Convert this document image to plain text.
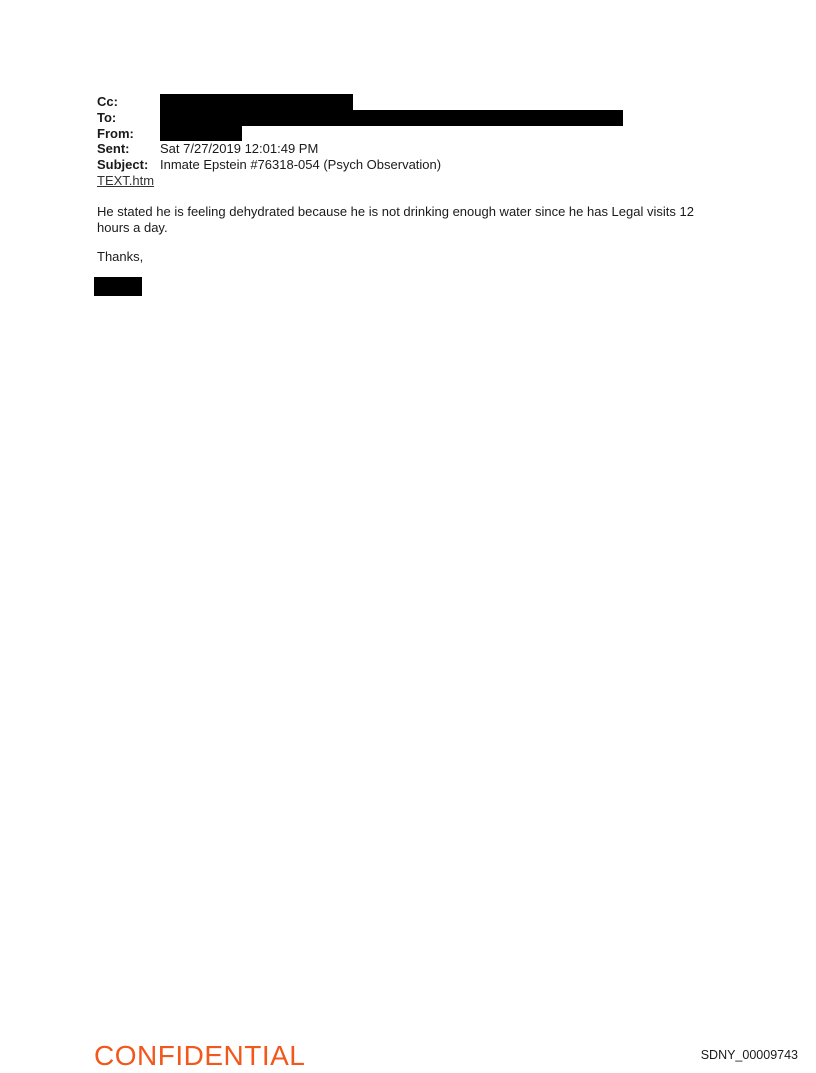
Cc:
To:
From:
Sent:	Sat 7/27/2019 12:01:49 PM
Subject: Inmate Epstein #76318-054 (Psych Observation)
TEXT.htm
He stated he is feeling dehydrated because he is not drinking enough water since he has Legal visits 12
hours a day.
Thanks,
CONFIDENTIAL	SDNY_00009743
